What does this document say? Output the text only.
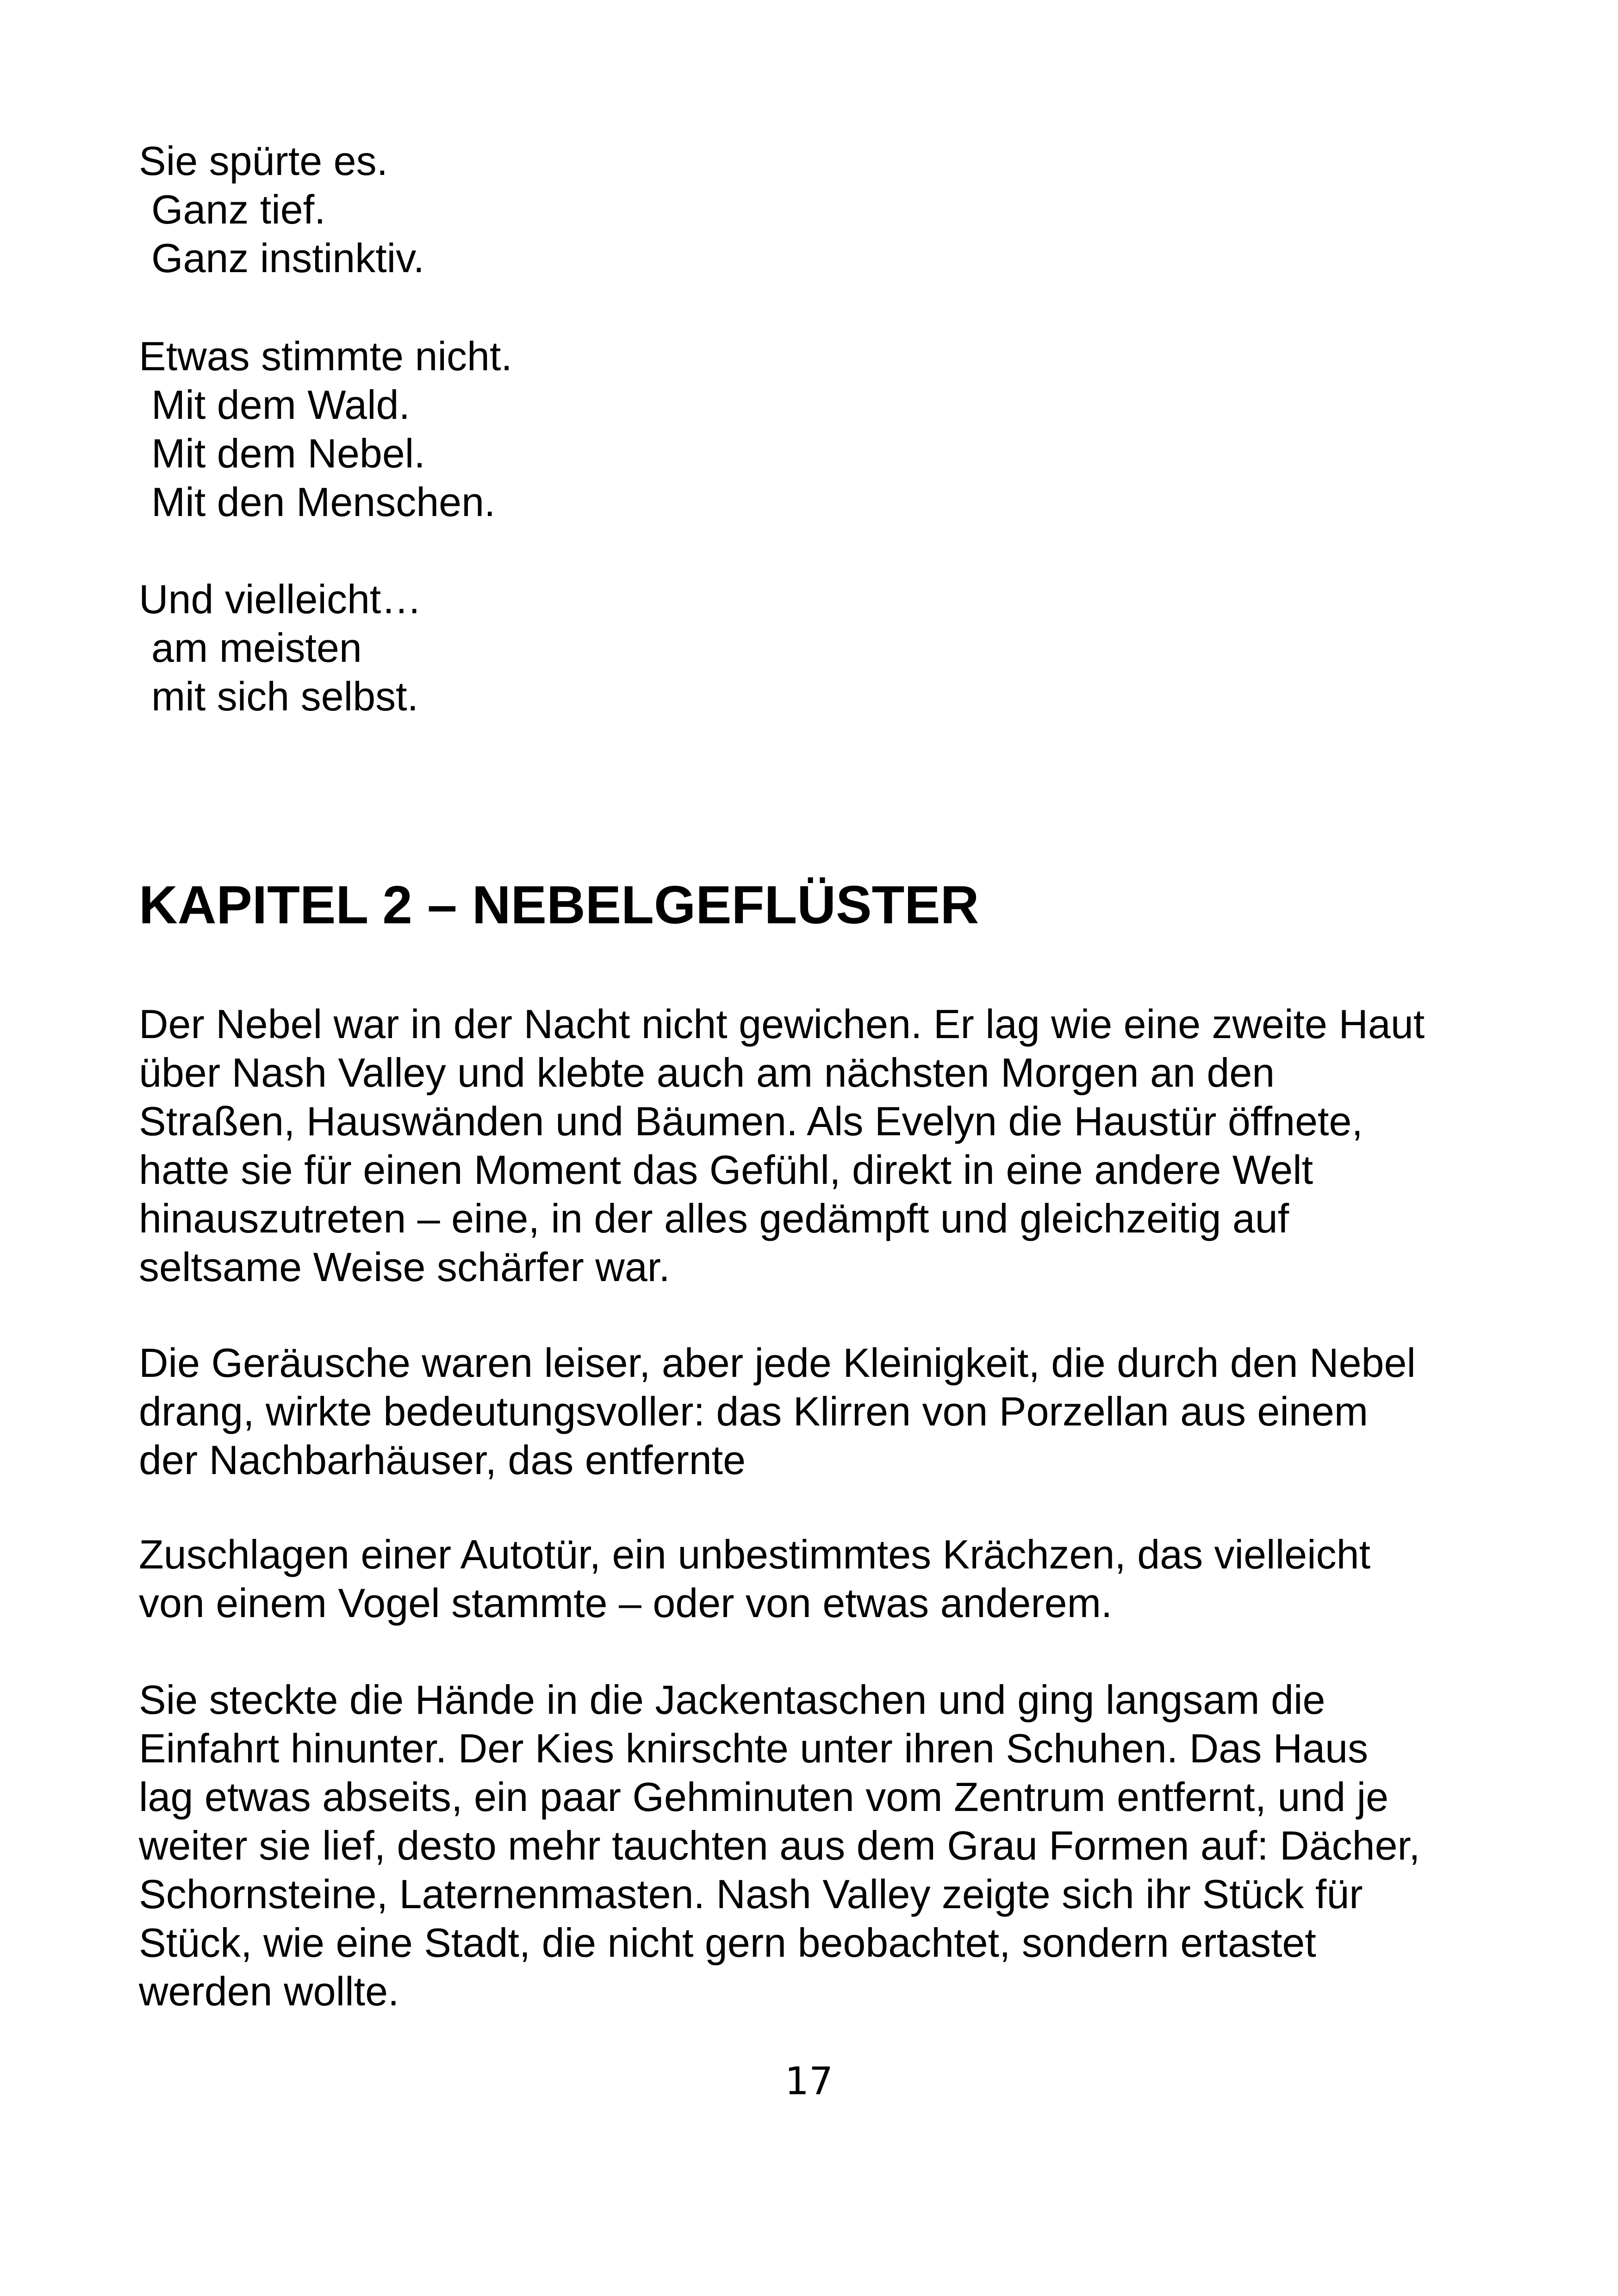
Sie spürte es.
Ganz tief.
Ganz instinktiv.
Etwas stimmte nicht.
Mit dem Wald.
Mit dem Nebel.
Mit den Menschen.
Und vielleicht…
am meisten
mit sich selbst.
KAPITEL 2 – NEBELGEFLÜSTER
Der Nebel war in der Nacht nicht gewichen. Er lag wie eine zweite Haut
über Nash Valley und klebte auch am nächsten Morgen an den
Straßen, Hauswänden und Bäumen. Als Evelyn die Haustür öffnete,
hatte sie für einen Moment das Gefühl, direkt in eine andere Welt
hinauszutreten – eine, in der alles gedämpft und gleichzeitig auf
seltsame Weise schärfer war.
Die Geräusche waren leiser, aber jede Kleinigkeit, die durch den Nebel
drang, wirkte bedeutungsvoller: das Klirren von Porzellan aus einem
der Nachbarhäuser, das entfernte
Zuschlagen einer Autotür, ein unbestimmtes Krächzen, das vielleicht
von einem Vogel stammte – oder von etwas anderem.
Sie steckte die Hände in die Jackentaschen und ging langsam die
Einfahrt hinunter. Der Kies knirschte unter ihren Schuhen. Das Haus
lag etwas abseits, ein paar Gehminuten vom Zentrum entfernt, und je
weiter sie lief, desto mehr tauchten aus dem Grau Formen auf: Dächer,
Schornsteine, Laternenmasten. Nash Valley zeigte sich ihr Stück für
Stück, wie eine Stadt, die nicht gern beobachtet, sondern ertastet
werden wollte.
17
